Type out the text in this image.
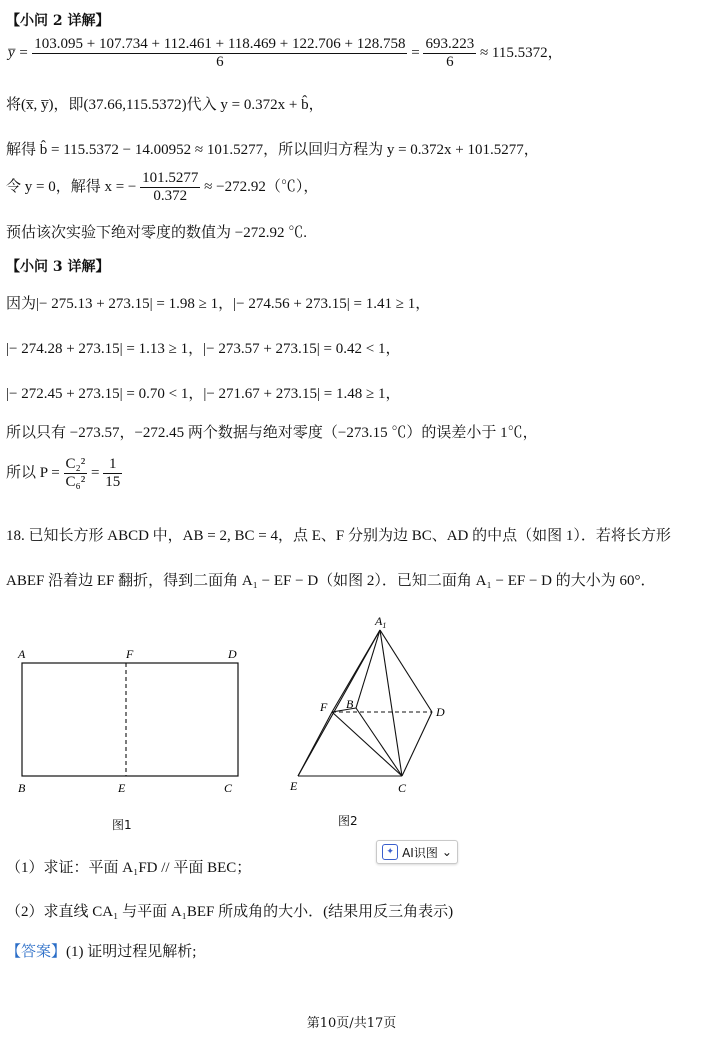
【小问 2 详解】
y̅ = $\frac{103.095 + 107.734 + 112.461 + 118.469 + 122.706 + 128.758}{6} = \frac{693.223}{6} \approx 115.5372$，
将(x̅, y̅)，即(37.66,115.5372)代入 y = 0.372x + b̂，
解得 b̂ = 115.5372 − 14.00952 ≈ 101.5277，所以回归方程为 y = 0.372x + 101.5277，
令 y = 0，解得 x = − $\frac{101.5277}{0.372}$ ≈ −272.92（℃），
预估该次实验下绝对零度的数值为 −272.92 ℃.
【小问 3 详解】
因为|− 275.13 + 273.15| = 1.98 ≥ 1，|− 274.56 + 273.15| = 1.41 ≥ 1，
|− 274.28 + 273.15| = 1.13 ≥ 1，|− 273.57 + 273.15| = 0.42 < 1，
|− 272.45 + 273.15| = 0.70 < 1，|− 271.67 + 273.15| = 1.48 ≥ 1，
所以只有 −273.57，−272.45 两个数据与绝对零度（−273.15 ℃）的误差小于 1℃，
所以 $P = \frac{\text{C₂²}}{\text{C₆²}} = \frac{1}{15}$
18. 已知长方形 ABCD 中，AB = 2, BC = 4，点 E、F 分别为边 BC、AD 的中点（如图 1）．若将长方形
ABEF 沿着边 EF 翻折，得到二面角 A₁ − EF − D（如图 2）．已知二面角 A₁ − EF − D 的大小为 60°．
A	F	D
B	E	C
图1
$A_1$
F B
D
E	C
图2
✦ AI识图 ⌄
（1）求证：平面 A₁FD // 平面 BEC；
（2）求直线 CA₁ 与平面 A₁BEF 所成角的大小．(结果用反三角表示)
【答案】(1) 证明过程见解析;
第10页/共17页
